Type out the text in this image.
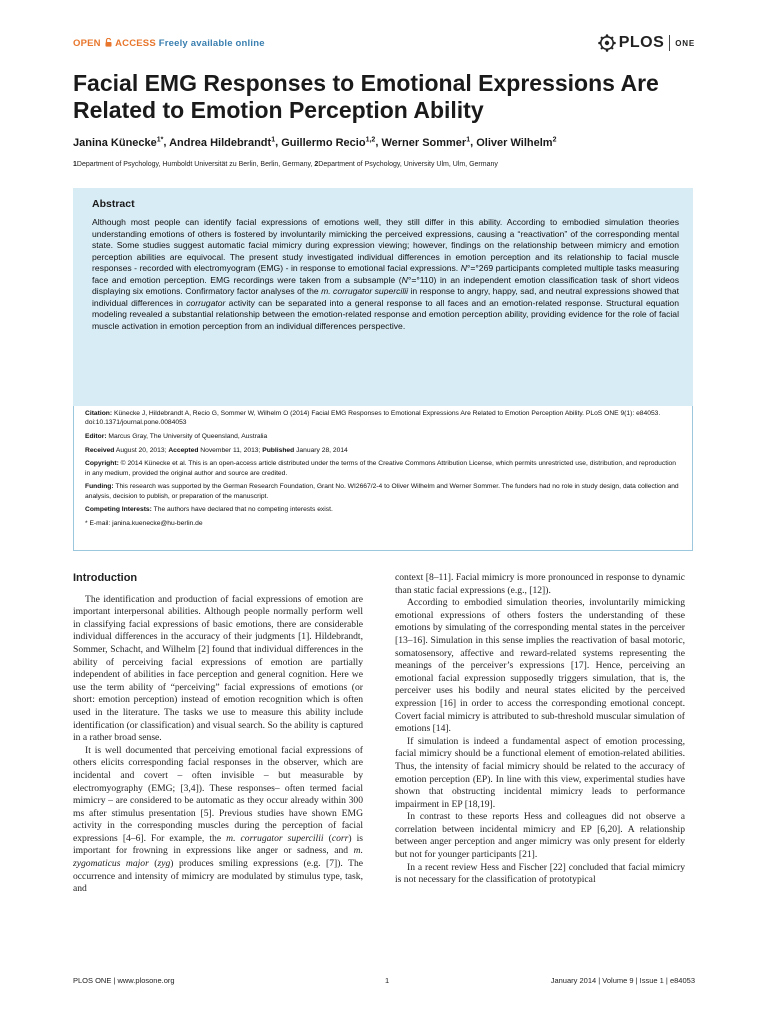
OPEN ACCESS Freely available online	PLOS ONE
Facial EMG Responses to Emotional Expressions Are Related to Emotion Perception Ability
Janina Künecke$^{1*}$, Andrea Hildebrandt$^1$, Guillermo Recio$^{1,2}$, Werner Sommer$^1$, Oliver Wilhelm$^2$
1Department of Psychology, Humboldt Universität zu Berlin, Berlin, Germany, 2Department of Psychology, University Ulm, Ulm, Germany
Abstract

Although most people can identify facial expressions of emotions well, they still differ in this ability. According to embodied simulation theories understanding emotions of others is fostered by involuntarily mimicking the perceived expressions, causing a “reactivation” of the corresponding mental state. Some studies suggest automatic facial mimicry during expression viewing; however, findings on the relationship between mimicry and emotion perception abilities are equivocal. The present study investigated individual differences in emotion perception and its relationship to facial muscle responses - recorded with electromyogram (EMG) - in response to emotional facial expressions. N°=°269 participants completed multiple tasks measuring face and emotion perception. EMG recordings were taken from a subsample (N°=°110) in an independent emotion classification task of short videos displaying six emotions. Confirmatory factor analyses of the m. corrugator supercilii in response to angry, happy, sad, and neutral expressions showed that individual differences in corrugator activity can be separated into a general response to all faces and an emotion-related response. Structural equation modeling revealed a substantial relationship between the emotion-related response and emotion perception ability, providing evidence for the role of facial muscle activation in emotion perception from an individual differences perspective.

Citation: Künecke J, Hildebrandt A, Recio G, Sommer W, Wilhelm O (2014) Facial EMG Responses to Emotional Expressions Are Related to Emotion Perception Ability. PLoS ONE 9(1): e84053. doi:10.1371/journal.pone.0084053

Editor: Marcus Gray, The University of Queensland, Australia

Received August 20, 2013; Accepted November 11, 2013; Published January 28, 2014

Copyright: © 2014 Künecke et al. This is an open-access article distributed under the terms of the Creative Commons Attribution License, which permits unrestricted use, distribution, and reproduction in any medium, provided the original author and source are credited.

Funding: This research was supported by the German Research Foundation, Grant No. WI2667/2-4 to Oliver Wilhelm and Werner Sommer. The funders had no role in study design, data collection and analysis, decision to publish, or preparation of the manuscript.

Competing Interests: The authors have declared that no competing interests exist.

* E-mail: janina.kuenecke@hu-berlin.de

Introduction

The identification and production of facial expressions of emotion are important interpersonal abilities. Although people normally perform well in classifying facial expressions of basic emotions, there are considerable individual differences in the accuracy of their judgments [1]. Hildebrandt, Sommer, Schacht, and Wilhelm [2] found that individual differences in the ability of perceiving facial expressions of emotion are partially independent of abilities in face perception and general cognition. Here we use the term ability of “perceiving” facial expressions of emotions (or short: emotion perception) instead of emotion recognition which is often used in the literature. The tasks we use to measure this ability include identification (or classification) and visual search. So the ability is captured in a rather broad sense.

It is well documented that perceiving emotional facial expressions of others elicits corresponding facial responses in the observer, which are incidental and covert – often invisible – but measurable by electromyography (EMG; [3,4]). These responses– often termed facial mimicry – are considered to be automatic as they occur already within 300 ms after stimulus presentation [5]. Previous studies have shown EMG activity in the corresponding muscles during the perception of facial expressions [4–6]. For example, the m. corrugator supercilii (corr) is important for frowning in expressions like anger or sadness, and m. zygomaticus major (zyg) produces smiling expressions (e.g. [7]). The occurrence and intensity of mimicry are modulated by stimulus type, task, and

context [8–11]. Facial mimicry is more pronounced in response to dynamic than static facial expressions (e.g., [12]).

According to embodied simulation theories, involuntarily mimicking emotional expressions of others fosters the understanding of these emotions by simulating of the corresponding mental states in the perceiver [13–16]. Simulation in this sense implies the reactivation of basal motoric, somatosensory, affective and reward-related systems representing the meanings of the perceiver’s expressions [17]. Hence, perceiving an emotional facial expression supposedly triggers simulation, that is, the perceiver uses his bodily and neural states elicited by the perceived expression [16] in order to access the corresponding emotional concept. Covert facial mimicry is attributed to sub-threshold muscular simulation of emotions [14].

If simulation is indeed a fundamental aspect of emotion processing, facial mimicry should be a functional element of emotion-related abilities. Thus, the intensity of facial mimicry should be related to the accuracy of emotion perception (EP). In line with this view, experimental studies have shown that obstructing incidental mimicry leads to performance impairment in EP [18,19].

In contrast to these reports Hess and colleagues did not observe a correlation between incidental mimicry and EP [6,20]. A relationship between anger perception and anger mimicry was only present for elderly but not for younger participants [21].

In a recent review Hess and Fischer [22] concluded that facial mimicry is not necessary for the classification of prototypical

PLOS ONE | www.plosone.org	1	January 2014 | Volume 9 | Issue 1 | e84053
